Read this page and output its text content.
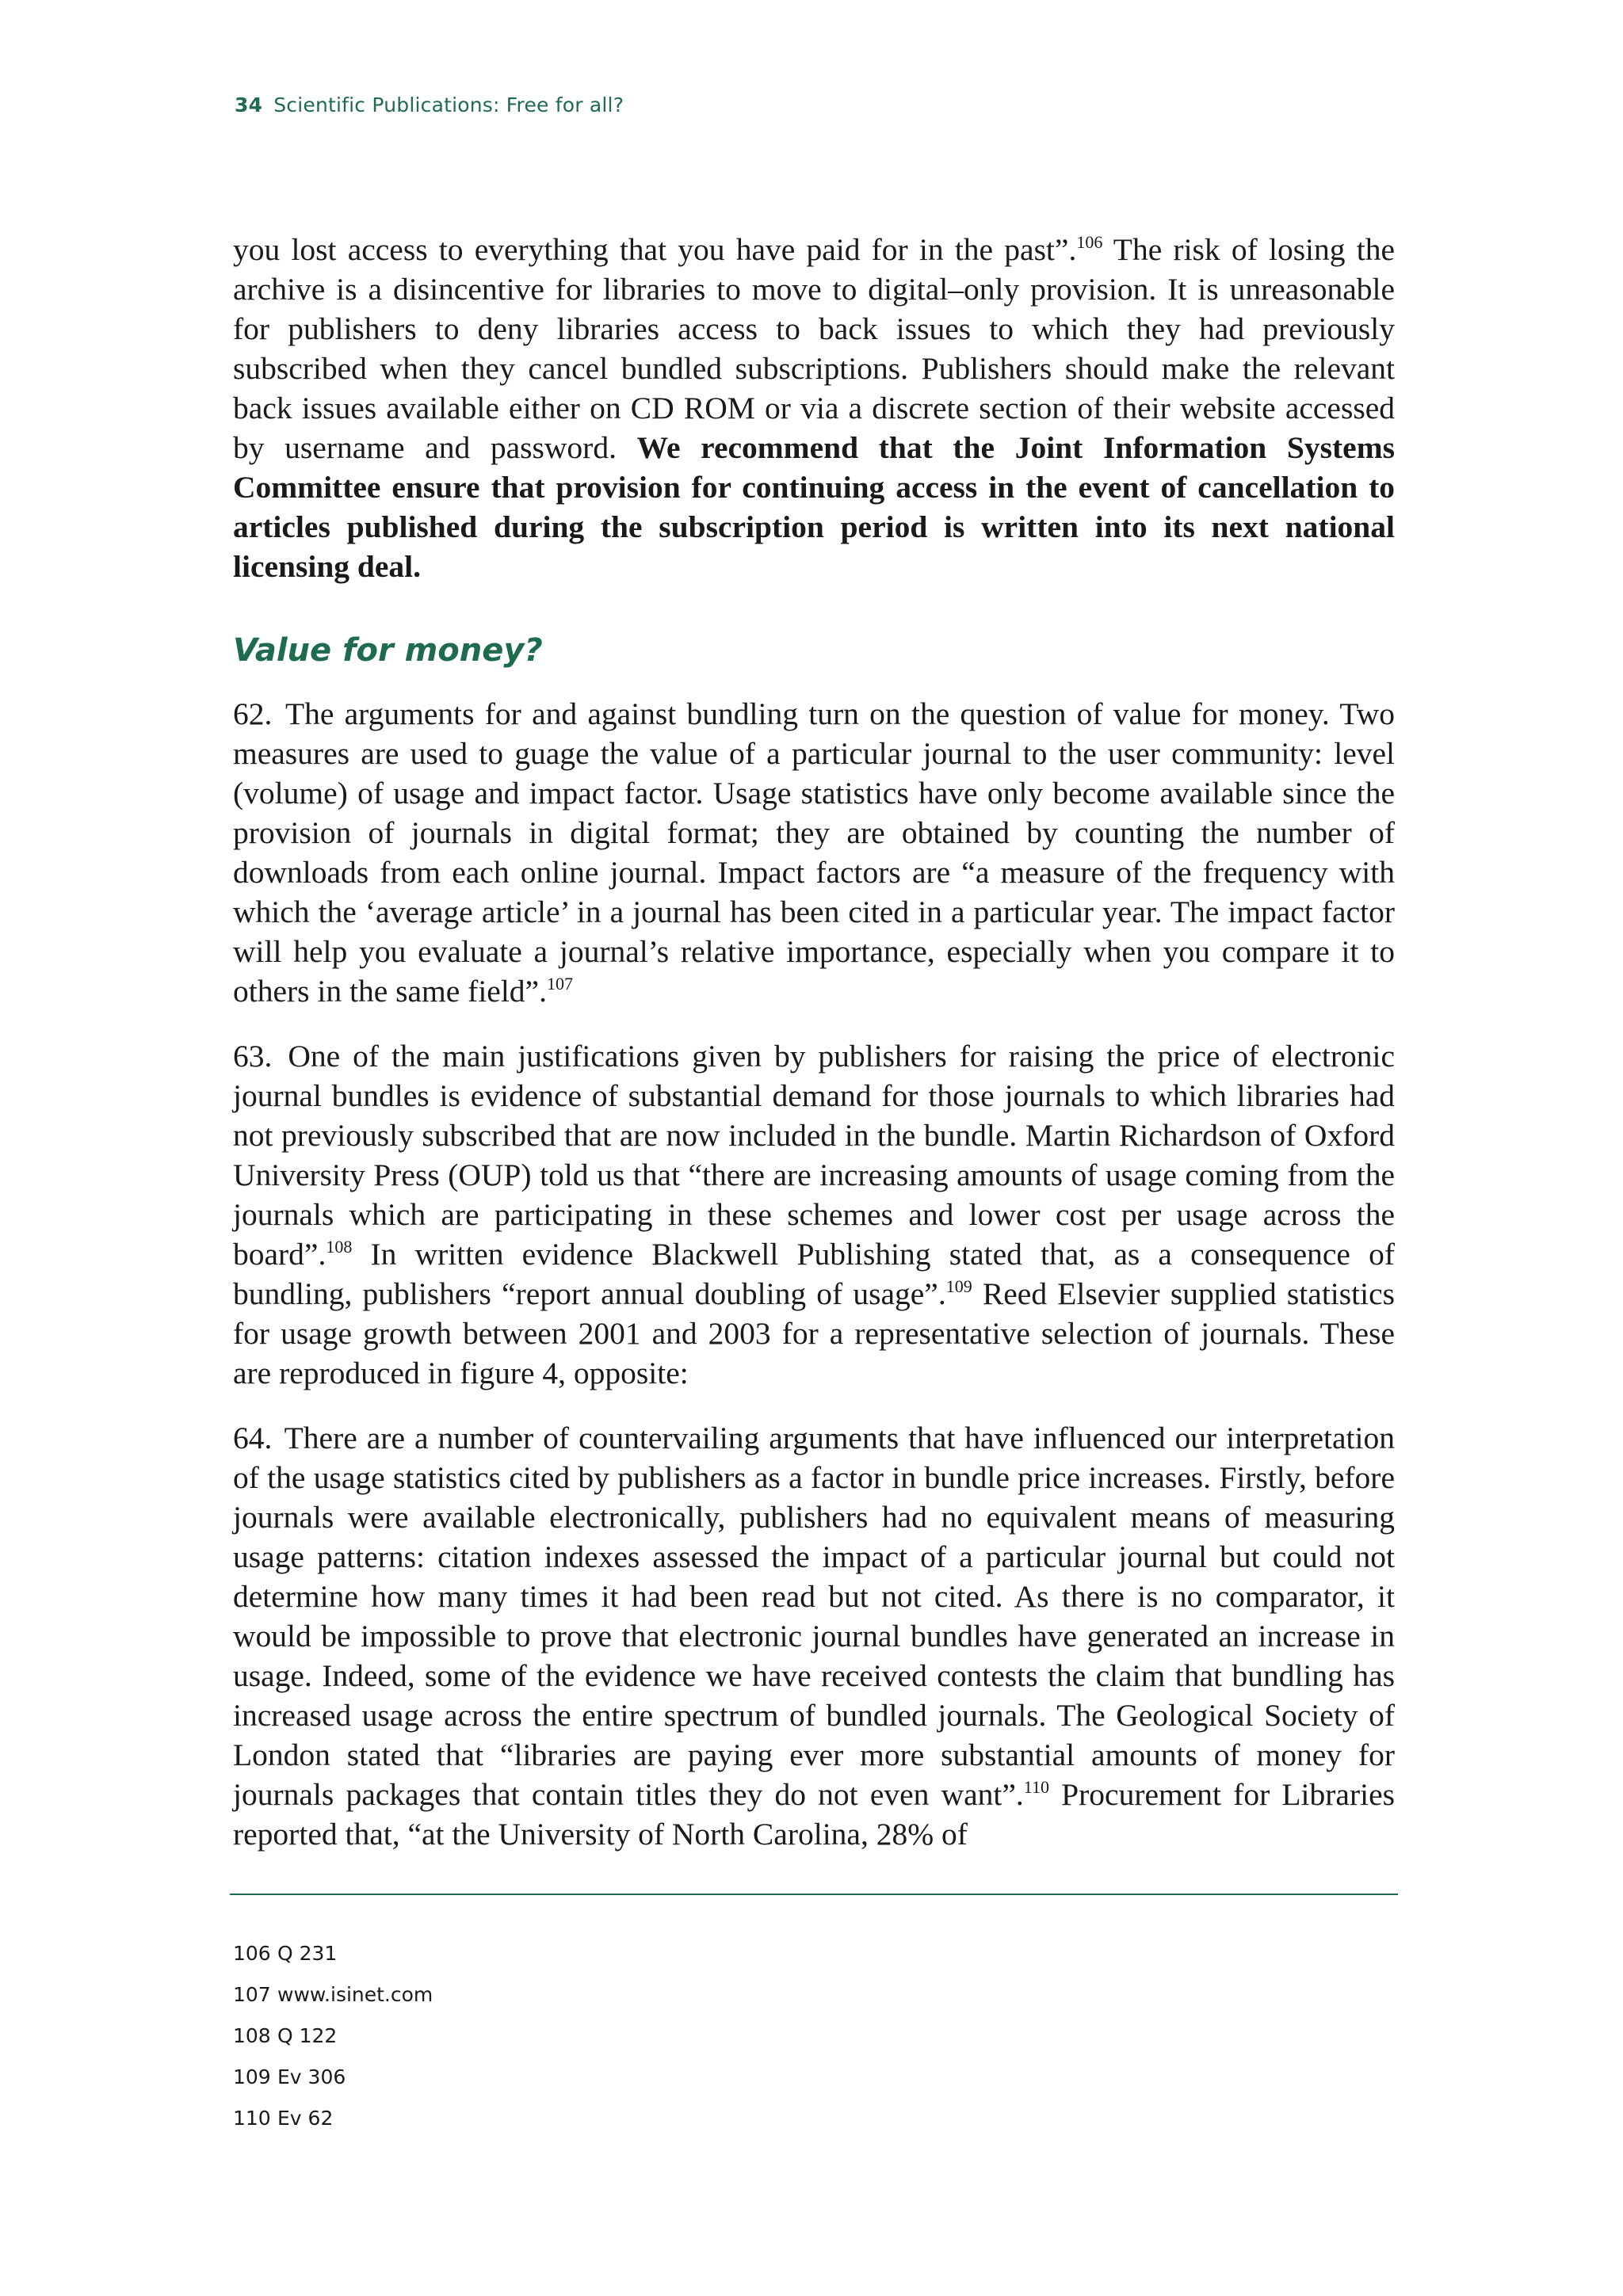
34 Scientific Publications: Free for all?

you lost access to everything that you have paid for in the past”.$^{106}$ The risk of losing the archive is a disincentive for libraries to move to digital–only provision. It is unreasonable for publishers to deny libraries access to back issues to which they had previously subscribed when they cancel bundled subscriptions. Publishers should make the relevant back issues available either on CD ROM or via a discrete section of their website accessed by username and password. We recommend that the Joint Information Systems Committee ensure that provision for continuing access in the event of cancellation to articles published during the subscription period is written into its next national licensing deal.

Value for money?

62. The arguments for and against bundling turn on the question of value for money. Two measures are used to guage the value of a particular journal to the user community: level (volume) of usage and impact factor. Usage statistics have only become available since the provision of journals in digital format; they are obtained by counting the number of downloads from each online journal. Impact factors are “a measure of the frequency with which the ‘average article’ in a journal has been cited in a particular year. The impact factor will help you evaluate a journal’s relative importance, especially when you compare it to others in the same field”.$^{107}$

63. One of the main justifications given by publishers for raising the price of electronic journal bundles is evidence of substantial demand for those journals to which libraries had not previously subscribed that are now included in the bundle. Martin Richardson of Oxford University Press (OUP) told us that “there are increasing amounts of usage coming from the journals which are participating in these schemes and lower cost per usage across the board”.$^{108}$ In written evidence Blackwell Publishing stated that, as a consequence of bundling, publishers “report annual doubling of usage”.$^{109}$ Reed Elsevier supplied statistics for usage growth between 2001 and 2003 for a representative selection of journals. These are reproduced in figure 4, opposite:

64. There are a number of countervailing arguments that have influenced our interpretation of the usage statistics cited by publishers as a factor in bundle price increases. Firstly, before journals were available electronically, publishers had no equivalent means of measuring usage patterns: citation indexes assessed the impact of a particular journal but could not determine how many times it had been read but not cited. As there is no comparator, it would be impossible to prove that electronic journal bundles have generated an increase in usage. Indeed, some of the evidence we have received contests the claim that bundling has increased usage across the entire spectrum of bundled journals. The Geological Society of London stated that “libraries are paying ever more substantial amounts of money for journals packages that contain titles they do not even want”.$^{110}$ Procurement for Libraries reported that, “at the University of North Carolina, 28% of

106 Q 231
107 www.isinet.com
108 Q 122
109 Ev 306
110 Ev 62
